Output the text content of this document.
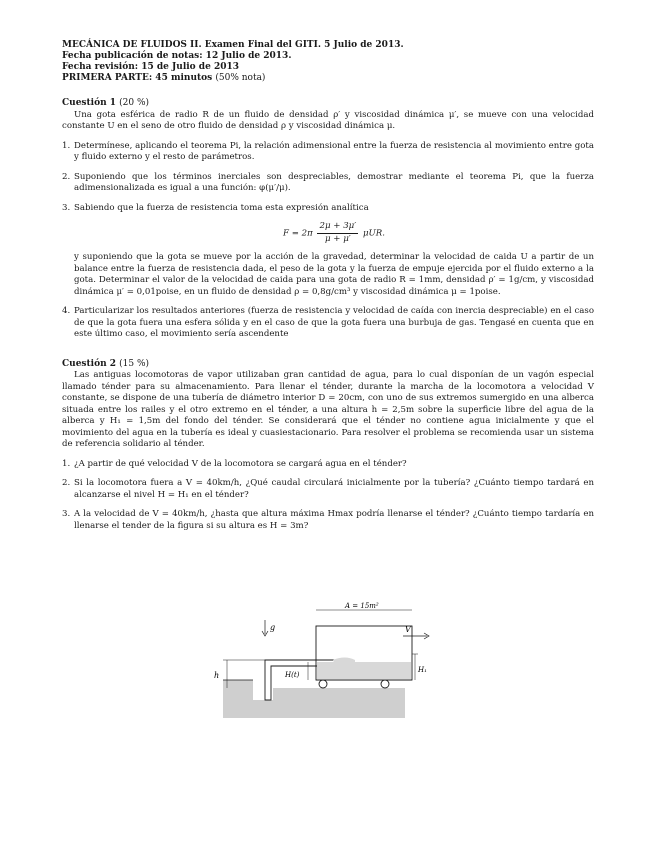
MECÁNICA DE FLUIDOS II. Examen Final del GITI. 5 Julio de 2013.
Fecha publicación de notas: 12 Julio de 2013.
Fecha revisión: 15 de Julio de 2013
PRIMERA PARTE: 45 minutos (50% nota)
Cuestión 1 (20 %)

Una gota esférica de radio R de un fluido de densidad ρ′ y viscosidad dinámica μ′, se mueve con una velocidad constante U en el seno de otro fluido de densidad ρ y viscosidad dinámica μ.

1. Determínese, aplicando el teorema Pi, la relación adimensional entre la fuerza de resistencia al movimiento entre gota y fluido externo y el resto de parámetros.
2. Suponiendo que los términos inerciales son despreciables, demostrar mediante el teorema Pi, que la fuerza adimensionalizada es igual a una función: φ(μ′/μ).
3. Sabiendo que la fuerza de resistencia toma esta expresión analítica
$F = 2\pi \frac{2\mu + 3\mu'}{\mu + \mu'} \mu UR$.

y suponiendo que la gota se mueve por la acción de la gravedad, determinar la velocidad de caida U a partir de un balance entre la fuerza de resistencia dada, el peso de la gota y la fuerza de empuje ejercida por el fluido externo a la gota. Determinar el valor de la velocidad de caida para una gota de radio R = 1mm, densidad ρ′ = 1g/cm, y viscosidad dinámica μ′ = 0,01poise, en un fluido de densidad ρ = 0,8g/cm³ y viscosidad dinámica μ = 1poise.

4. Particularizar los resultados anteriores (fuerza de resistencia y velocidad de caída con inercia despreciable) en el caso de que la gota fuera una esfera sólida y en el caso de que la gota fuera una burbuja de gas. Tengasé en cuenta que en este último caso, el movimiento sería ascendente
Cuestión 2 (15 %)

Las antiguas locomotoras de vapor utilizaban gran cantidad de agua, para lo cual disponían de un vagón especial llamado ténder para su almacenamiento. Para llenar el ténder, durante la marcha de la locomotora a velocidad V constante, se dispone de una tubería de diámetro interior D = 20cm, con uno de sus extremos sumergido en una alberca situada entre los railes y el otro extremo en el ténder, a una altura h = 2,5m sobre la superficie libre del agua de la alberca y H₁ = 1,5m del fondo del ténder. Se considerará que el ténder no contiene agua inicialmente y que el movimiento del agua en la tubería es ideal y cuasiestacionario. Para resolver el problema se recomienda usar un sistema de referencia solidario al ténder.

1. ¿A partir de qué velocidad V de la locomotora se cargará agua en el ténder?
2. Si la locomotora fuera a V = 40km/h, ¿Qué caudal circulará inicialmente por la tubería? ¿Cuánto tiempo tardará en alcanzarse el nivel H = H₁ en el ténder?
3. A la velocidad de V = 40km/h, ¿hasta que altura máxima Hmax podría llenarse el ténder? ¿Cuánto tiempo tardaría en llenarse el tender de la figura si su altura es H = 3m?
A = 15m²
g	V
h	H(t)
H₁
